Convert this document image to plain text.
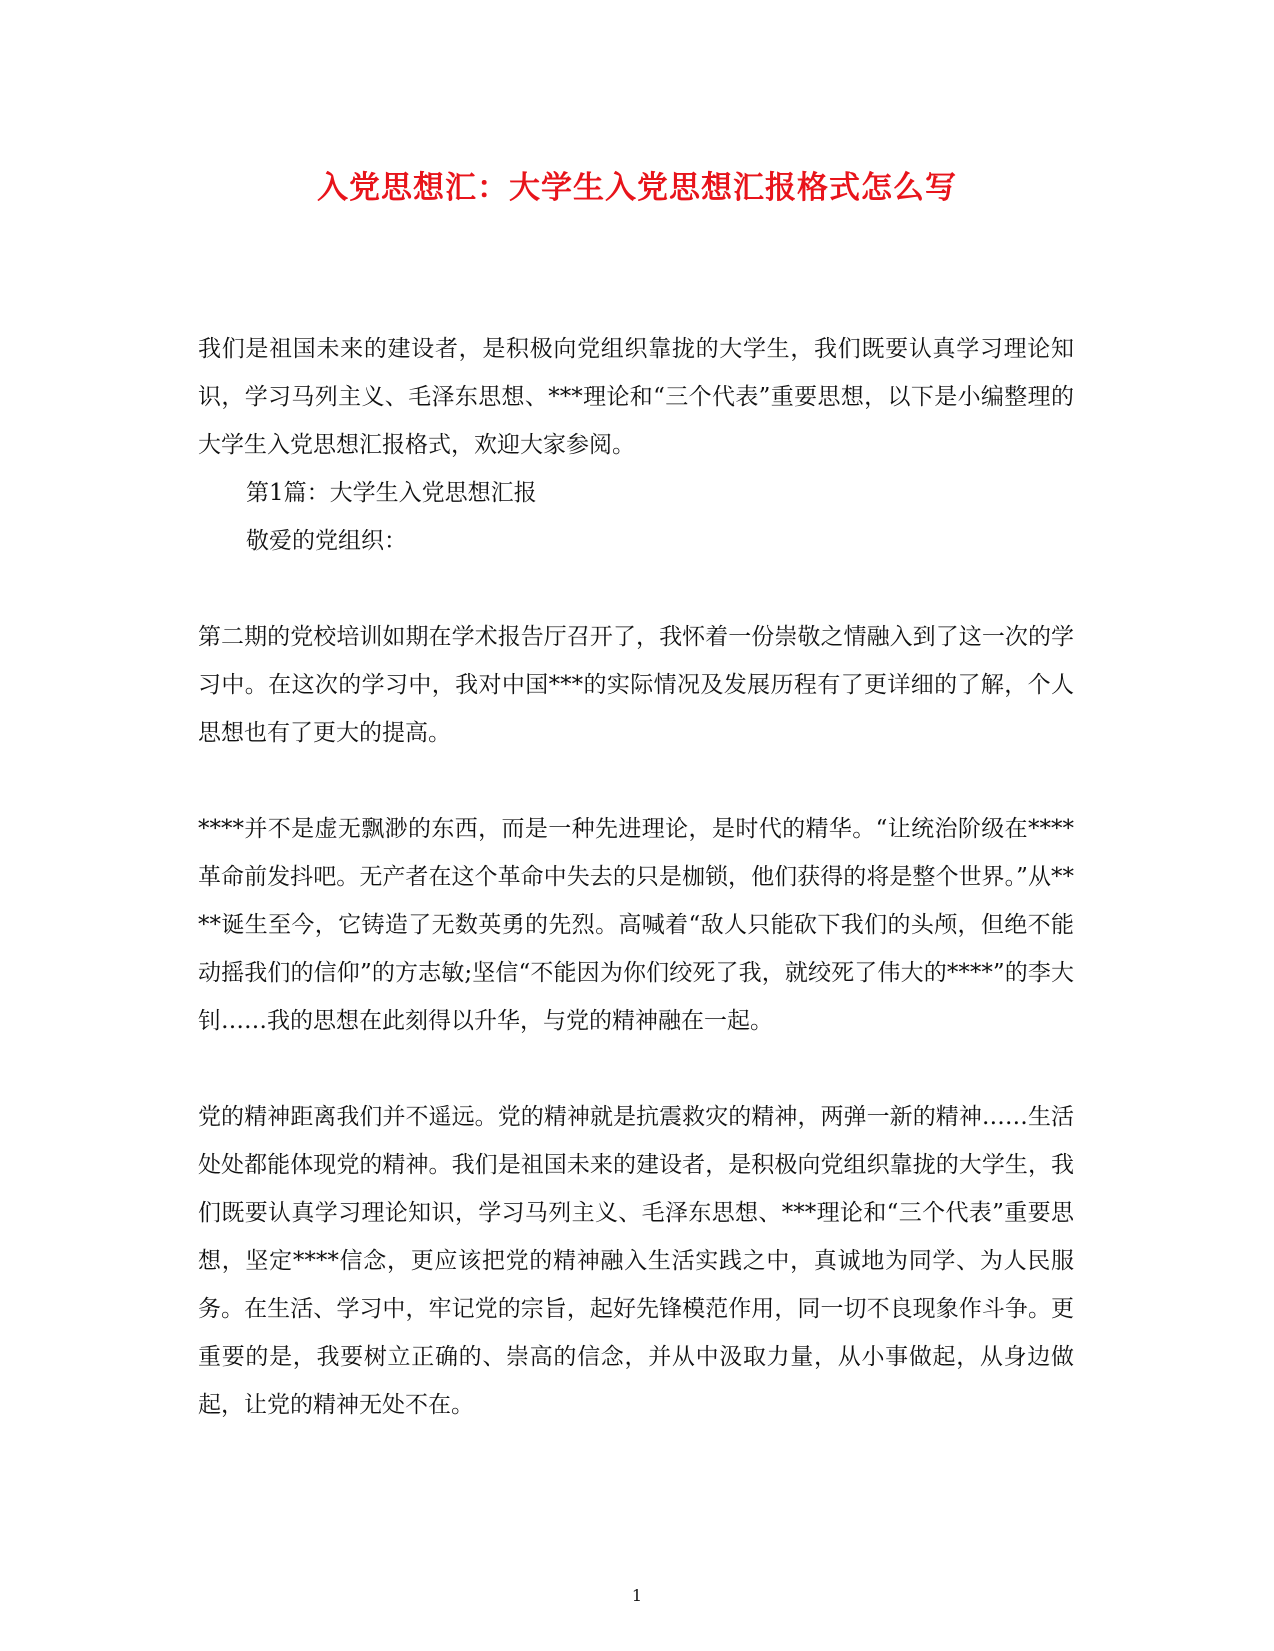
入党思想汇：大学生入党思想汇报格式怎么写

我们是祖国未来的建设者，是积极向党组织靠拢的大学生，我们既要认真学习理论知识，学习马列主义、毛泽东思想、***理论和“三个代表”重要思想，以下是小编整理的大学生入党思想汇报格式，欢迎大家参阅。

第1篇：大学生入党思想汇报

敬爱的党组织：

第二期的党校培训如期在学术报告厅召开了，我怀着一份崇敬之情融入到了这一次的学习中。在这次的学习中，我对中国***的实际情况及发展历程有了更详细的了解，个人思想也有了更大的提高。

****并不是虚无飘渺的东西，而是一种先进理论，是时代的精华。“让统治阶级在****革命前发抖吧。无产者在这个革命中失去的只是枷锁，他们获得的将是整个世界。”从****诞生至今，它铸造了无数英勇的先烈。高喊着“敌人只能砍下我们的头颅，但绝不能动摇我们的信仰”的方志敏;坚信“不能因为你们绞死了我，就绞死了伟大的****”的李大钊……我的思想在此刻得以升华，与党的精神融在一起。

党的精神距离我们并不遥远。党的精神就是抗震救灾的精神，两弹一新的精神……生活处处都能体现党的精神。我们是祖国未来的建设者，是积极向党组织靠拢的大学生，我们既要认真学习理论知识，学习马列主义、毛泽东思想、***理论和“三个代表”重要思想，坚定****信念，更应该把党的精神融入生活实践之中，真诚地为同学、为人民服务。在生活、学习中，牢记党的宗旨，起好先锋模范作用，同一切不良现象作斗争。更重要的是，我要树立正确的、崇高的信念，并从中汲取力量，从小事做起，从身边做起，让党的精神无处不在。

1
